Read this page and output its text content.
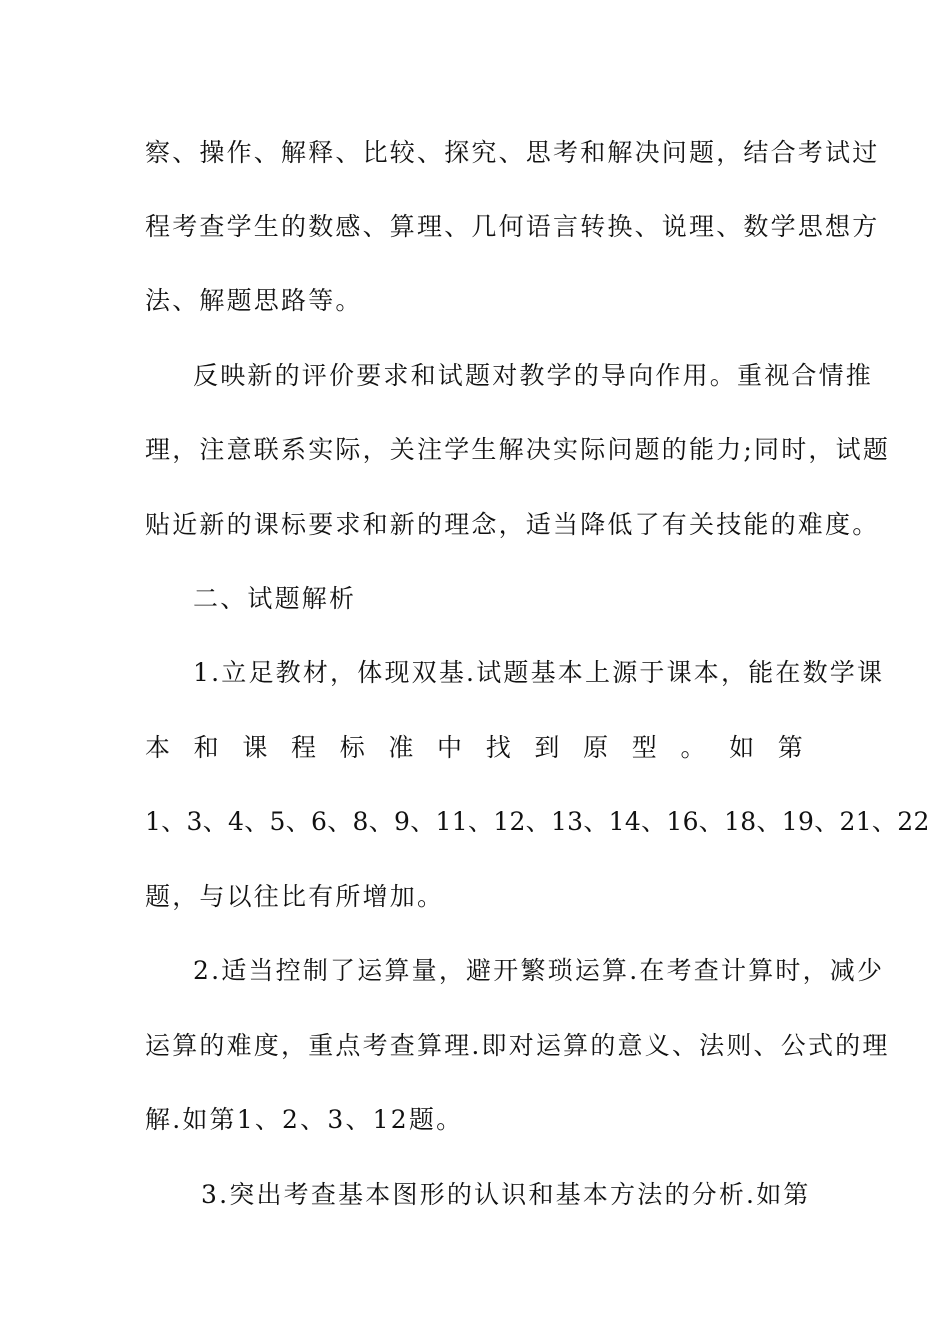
察、操作、解释、比较、探究、思考和解决问题，结合考试过
程考查学生的数感、算理、几何语言转换、说理、数学思想方
法、解题思路等。
反映新的评价要求和试题对教学的导向作用。重视合情推
理，注意联系实际，关注学生解决实际问题的能力;同时，试题
贴近新的课标要求和新的理念，适当降低了有关技能的难度。
二、试题解析
1.立足教材，体现双基.试题基本上源于课本，能在数学课
本 和 课 程 标 准 中 找 到 原 型 。 如 第
1、3、4、5、6、8、9、11、12、13、14、16、18、19、21、22
题，与以往比有所增加。
2.适当控制了运算量，避开繁琐运算.在考查计算时，减少
运算的难度，重点考查算理.即对运算的意义、法则、公式的理
解.如第1、2、3、12题。
3.突出考查基本图形的认识和基本方法的分析.如第
